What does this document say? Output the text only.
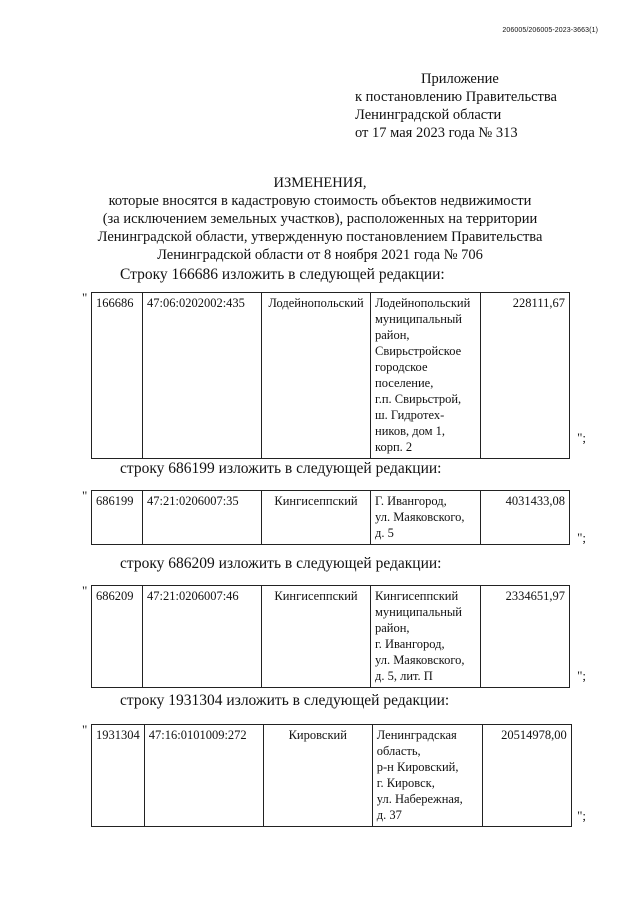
206005/206005-2023-3663(1)
Приложение
к постановлению Правительства
Ленинградской области
от 17 мая 2023 года № 313
ИЗМЕНЕНИЯ,
которые вносятся в кадастровую стоимость объектов недвижимости
(за исключением земельных участков), расположенных на территории
Ленинградской области, утвержденную постановлением Правительства
Ленинградской области от 8 ноября 2021 года № 706
Строку 166686 изложить в следующей редакции:
" 166686	47:06:0202002:435	Лодейнопольский	Лодейнопольский
муниципальный
район,
Свирьстройское
городское
поселение,
г.п. Свирьстрой,
ш. Гидротех-
ников, дом 1,
корп. 2
	228111,67
";
строку 686199 изложить в следующей редакции:
" 686199	47:21:0206007:35	Кингисеппский	Г. Ивангород,
ул. Маяковского,
д. 5
	4031433,08
";
строку 686209 изложить в следующей редакции:
" 686209	47:21:0206007:46	Кингисеппский	Кингисеппский
муниципальный
район,
г. Ивангород,
ул. Маяковского,
д. 5, лит. П
	2334651,97
";
строку 1931304 изложить в следующей редакции:
" 1931304	47:16:0101009:272	Кировский	Ленинградская
область,
р-н Кировский,
г. Кировск,
ул. Набережная,
д. 37
	20514978,00
";
